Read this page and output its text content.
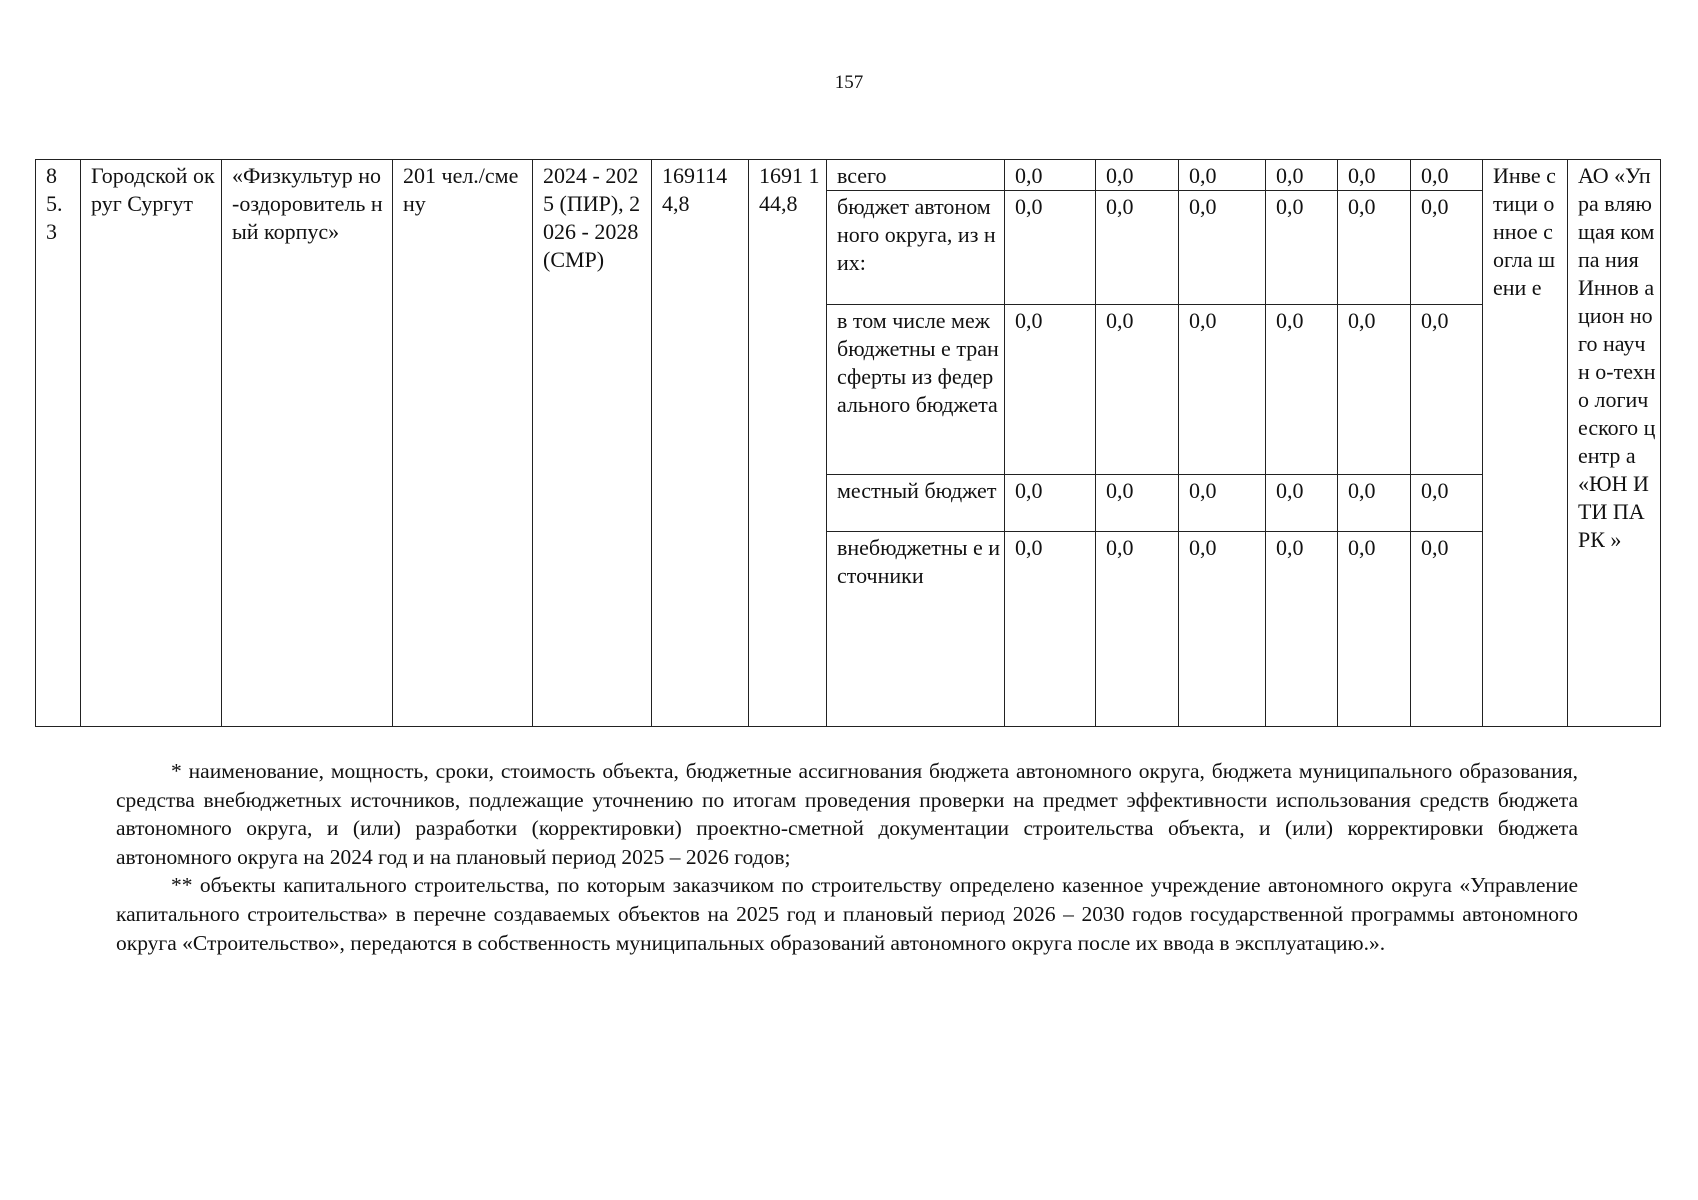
157
8 5. 3	Городской округ Сургут	«Физкультур но-оздоровитель ный корпус»	201 чел./смену	2024 - 2025 (ПИР), 2026 - 2028 (СМР)	169114 4,8	1691 144,8	всего	0,0	0,0	0,0	0,0	0,0	0,0	Инве стици онное согла шени е	АО «Упра вляю щая компа ния Иннов ацион ного научн о-техно логич еского центр а «ЮН ИТИ ПАРК »
							бюджет автономного округа, из них:	0,0	0,0	0,0	0,0	0,0	0,0		
							в том числе межбюджетны е трансферты из федерального бюджета	0,0	0,0	0,0	0,0	0,0	0,0		
							местный бюджет	0,0	0,0	0,0	0,0	0,0	0,0		
							внебюджетны е источники	0,0	0,0	0,0	0,0	0,0	0,0		

* наименование, мощность, сроки, стоимость объекта, бюджетные ассигнования бюджета автономного округа, бюджета муниципального образования, средства внебюджетных источников, подлежащие уточнению по итогам проведения проверки на предмет эффективности использования средств бюджета автономного округа, и (или) разработки (корректировки) проектно-сметной документации строительства объекта, и (или) корректировки бюджета автономного округа на 2024 год и на плановый период 2025 – 2026 годов;

** объекты капитального строительства, по которым заказчиком по строительству определено казенное учреждение автономного округа «Управление капитального строительства» в перечне создаваемых объектов на 2025 год и плановый период 2026 – 2030 годов государственной программы автономного округа «Строительство», передаются в собственность муниципальных образований автономного округа после их ввода в эксплуатацию.».
